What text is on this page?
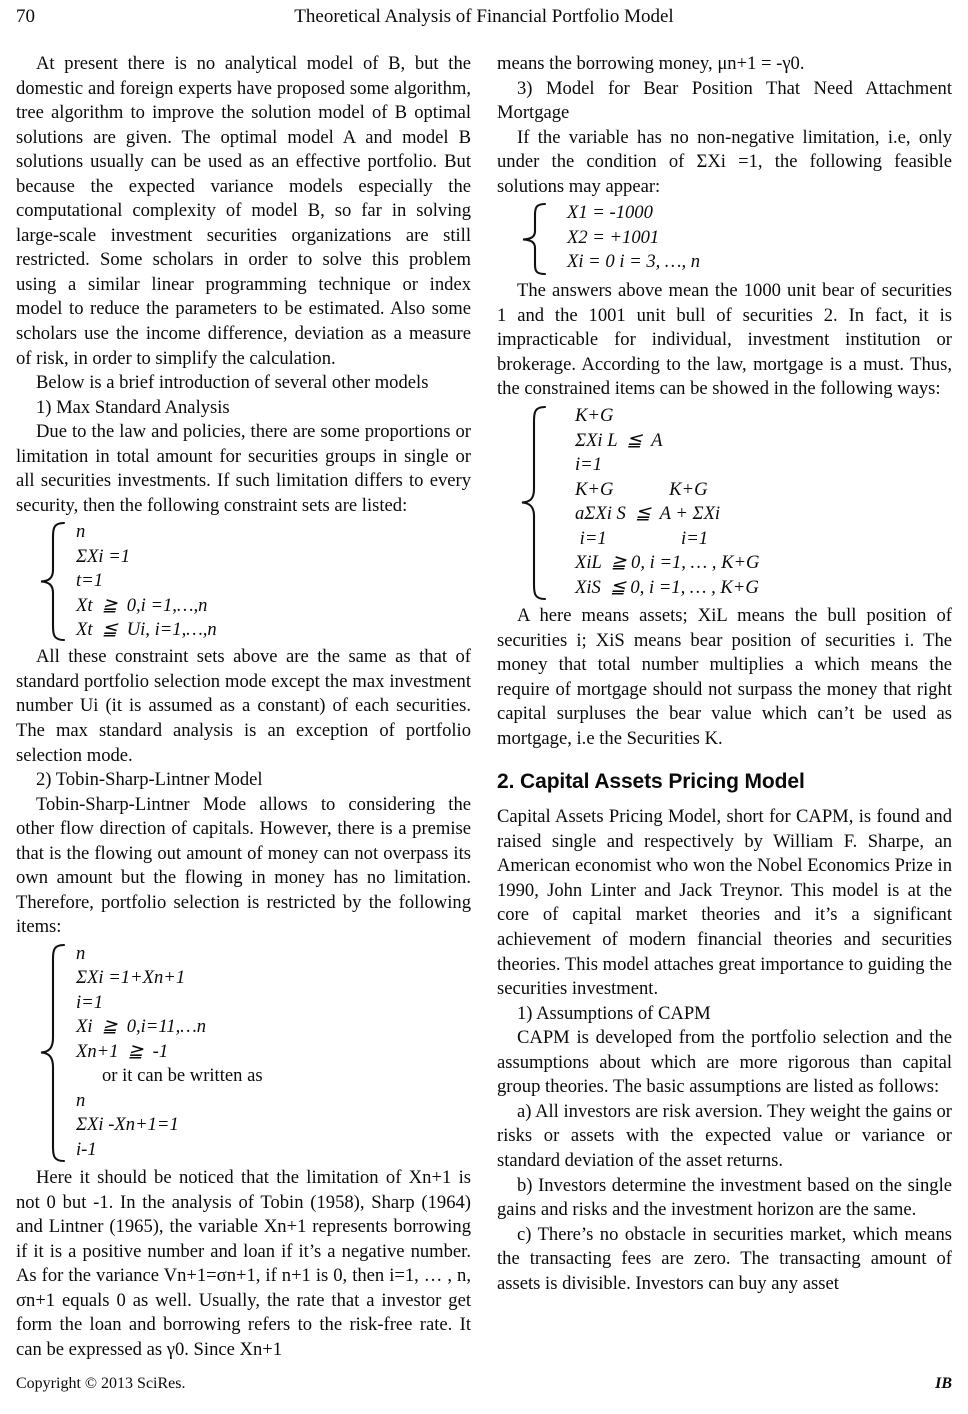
70	Theoretical Analysis of Financial Portfolio Model

At present there is no analytical model of B, but the domestic and foreign experts have proposed some algorithm, tree algorithm to improve the solution model of B optimal solutions are given. The optimal model A and model B solutions usually can be used as an effective portfolio. But because the expected variance models especially the computational complexity of model B, so far in solving large-scale investment securities organizations are still restricted. Some scholars in order to solve this problem using a similar linear programming technique or index model to reduce the parameters to be estimated. Also some scholars use the income difference, deviation as a measure of risk, in order to simplify the calculation.

Below is a brief introduction of several other models

1) Max Standard Analysis

Due to the law and policies, there are some proportions or limitation in total amount for securities groups in single or all securities investments. If such limitation differs to every security, then the following constraint sets are listed:

n
ΣXi =1
t=1
Xt  ≧  0,i =1,…,n
Xt  ≦  Ui, i=1,…,n

All these constraint sets above are the same as that of standard portfolio selection mode except the max investment number Ui (it is assumed as a constant) of each securities. The max standard analysis is an exception of portfolio selection mode.

2) Tobin-Sharp-Lintner Model

Tobin-Sharp-Lintner Mode allows to considering the other flow direction of capitals. However, there is a premise that is the flowing out amount of money can not overpass its own amount but the flowing in money has no limitation. Therefore, portfolio selection is restricted by the following items:

n
ΣXi =1+Xn+1
i=1
Xi  ≧  0,i=11,…n
Xn+1  ≧  -1
or it can be written as
n
ΣXi -Xn+1=1
i-1

Here it should be noticed that the limitation of Xn+1 is not 0 but -1. In the analysis of Tobin (1958), Sharp (1964) and Lintner (1965), the variable Xn+1 represents borrowing if it is a positive number and loan if it’s a negative number. As for the variance Vn+1=σn+1, if n+1 is 0, then i=1, … , n, σn+1 equals 0 as well. Usually, the rate that a investor get form the loan and borrowing refers to the risk-free rate. It can be expressed as γ0. Since Xn+1

means the borrowing money, μn+1 = -γ0.

3) Model for Bear Position That Need Attachment Mortgage

If the variable has no non-negative limitation, i.e, only under the condition of ΣXi =1, the following feasible solutions may appear:

X1 = -1000
X2 = +1001
Xi = 0 i = 3, …, n

The answers above mean the 1000 unit bear of securities 1 and the 1001 unit bull of securities 2. In fact, it is impracticable for individual, investment institution or brokerage. According to the law, mortgage is a must. Thus, the constrained items can be showed in the following ways:

K+G
ΣXi L  ≦  A
i=1
K+G            K+G
aΣXi S  ≦  A + ΣXi
i=1                i=1
XiL  ≧ 0, i =1, … , K+G
XiS  ≦ 0, i =1, … , K+G

A here means assets; XiL means the bull position of securities i; XiS means bear position of securities i. The money that total number multiplies a which means the require of mortgage should not surpass the money that right capital surpluses the bear value which can’t be used as mortgage, i.e the Securities K.

2. Capital Assets Pricing Model

Capital Assets Pricing Model, short for CAPM, is found and raised single and respectively by William F. Sharpe, an American economist who won the Nobel Economics Prize in 1990, John Linter and Jack Treynor. This model is at the core of capital market theories and it’s a significant achievement of modern financial theories and securities theories. This model attaches great importance to guiding the securities investment.

1) Assumptions of CAPM

CAPM is developed from the portfolio selection and the assumptions about which are more rigorous than capital group theories. The basic assumptions are listed as follows:

a) All investors are risk aversion. They weight the gains or risks or assets with the expected value or variance or standard deviation of the asset returns.

b) Investors determine the investment based on the single gains and risks and the investment horizon are the same.

c) There’s no obstacle in securities market, which means the transacting fees are zero. The transacting amount of assets is divisible. Investors can buy any asset

Copyright © 2013 SciRes.	IB
